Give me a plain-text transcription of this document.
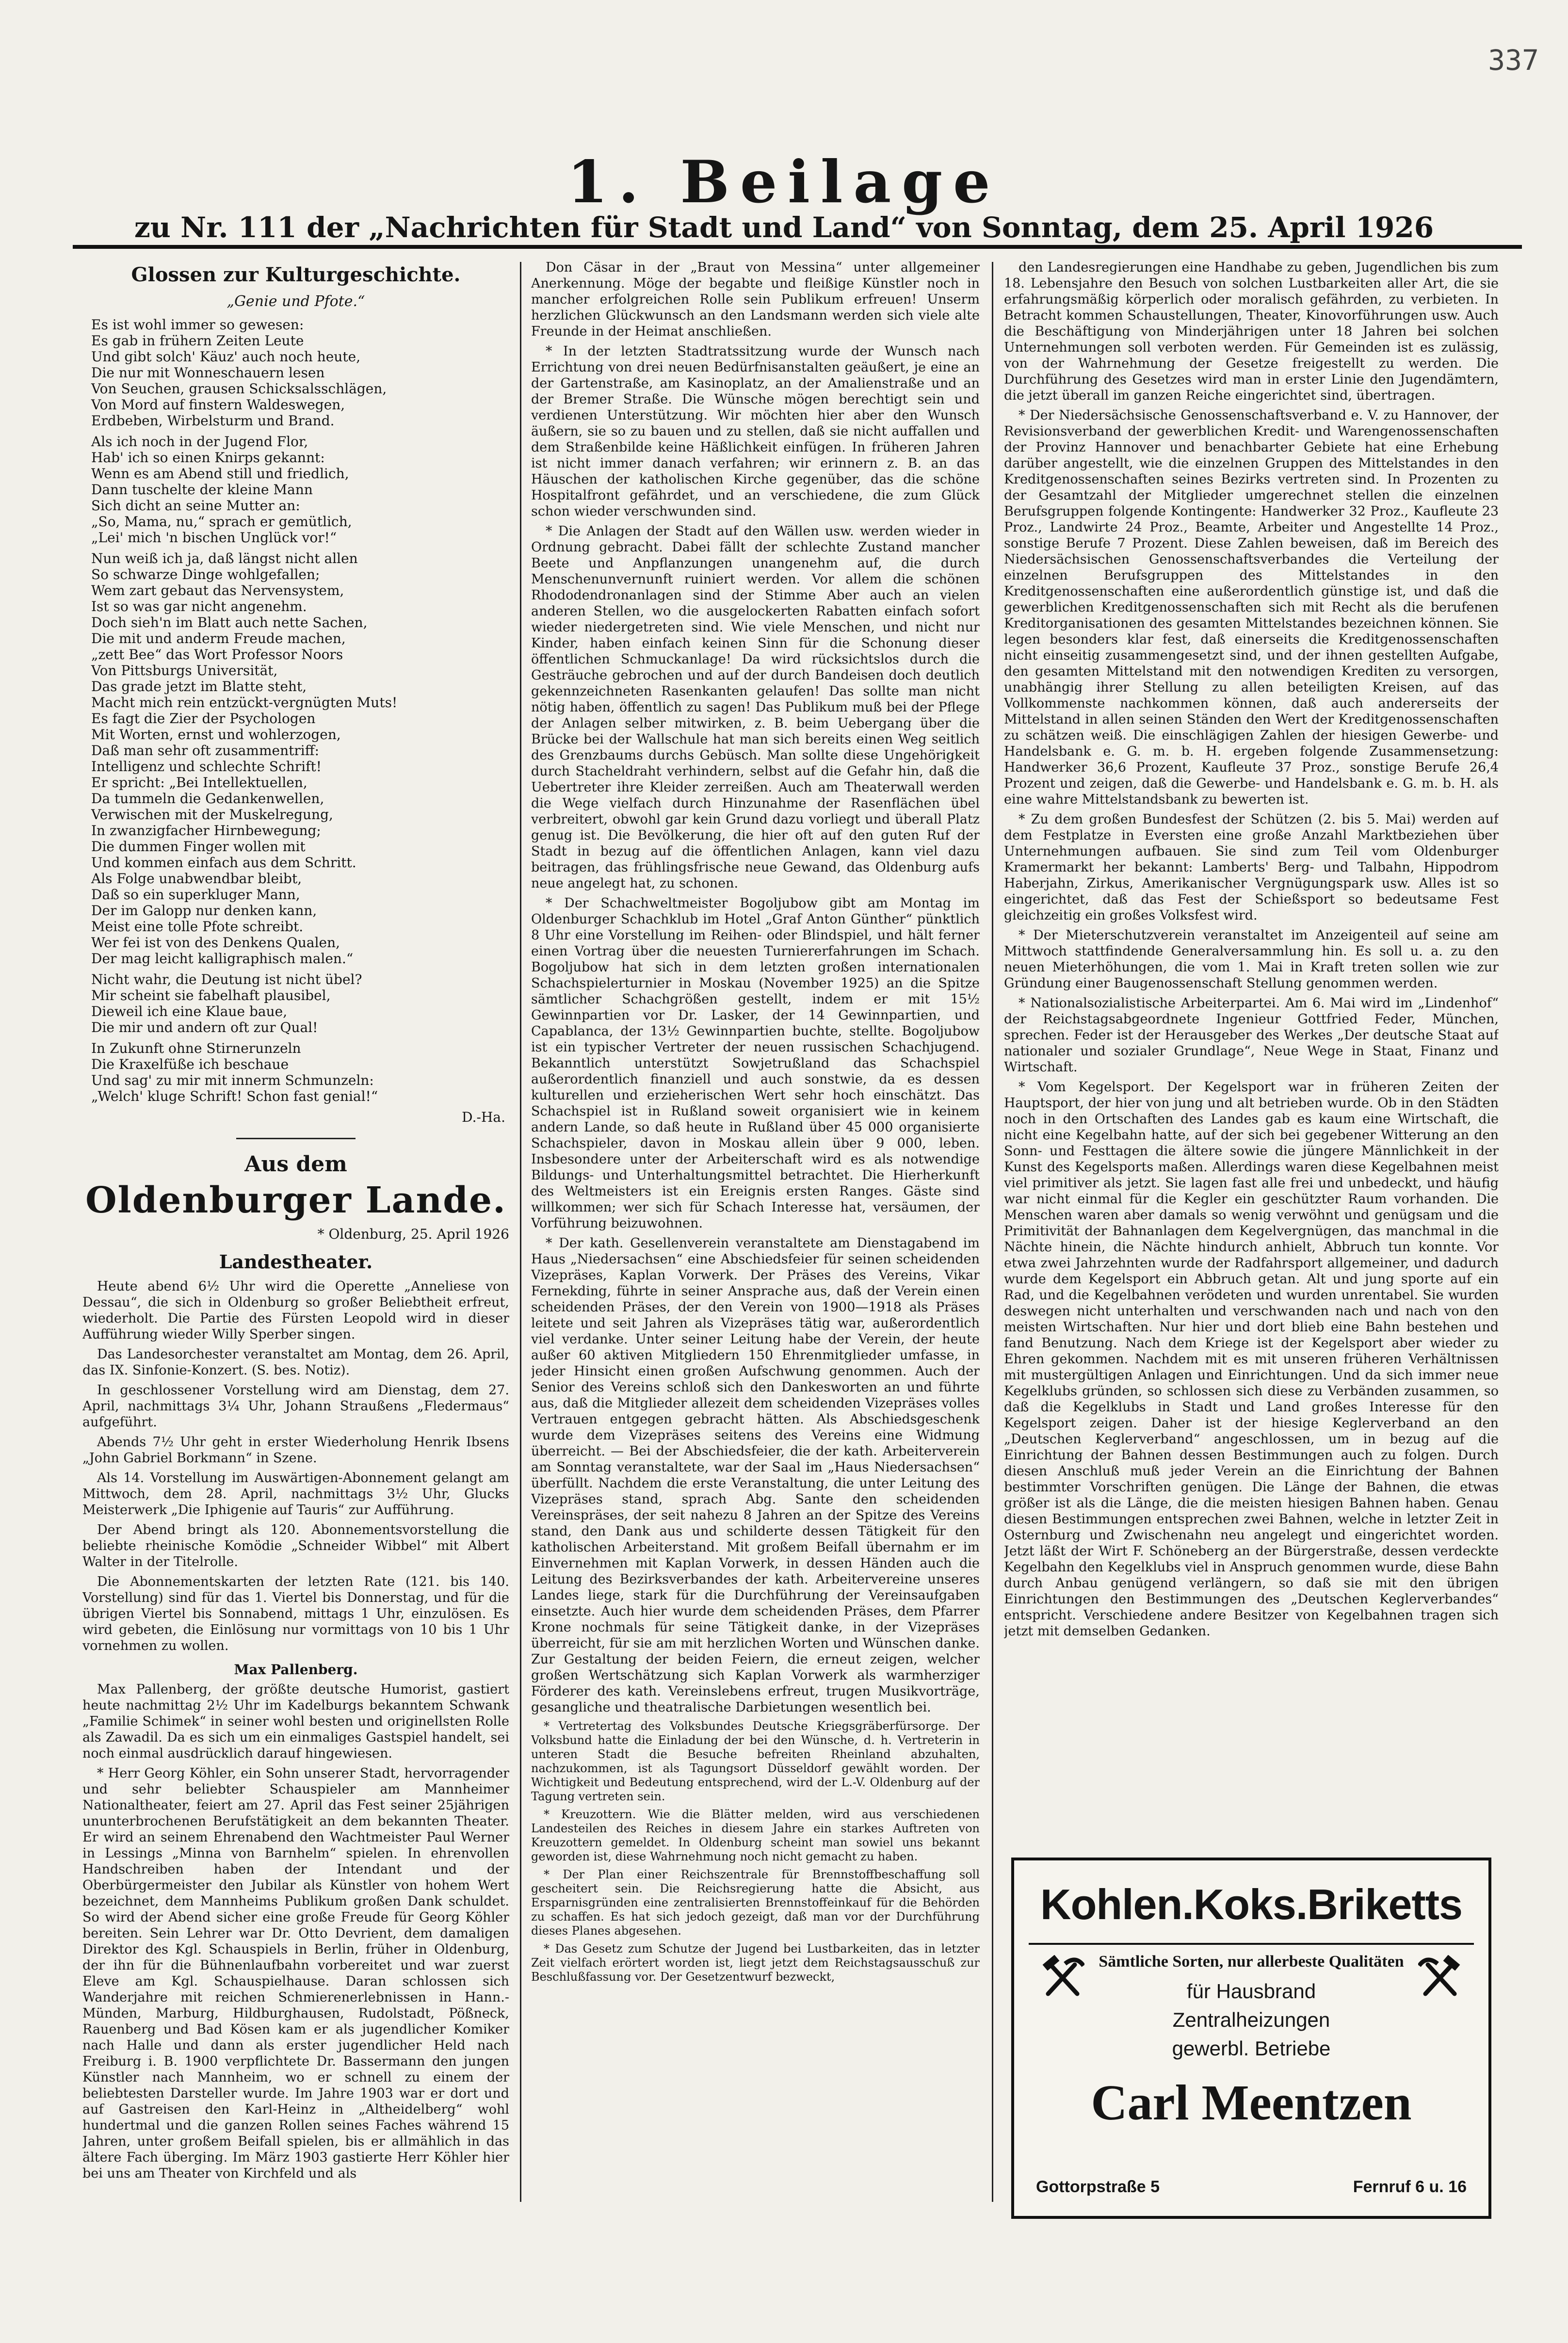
337
1. Beilage
zu Nr. 111 der „Nachrichten für Stadt und Land“ von Sonntag, dem 25. April 1926
Glossen zur Kulturgeschichte.
„Genie und Pfote.“
Es ist wohl immer so gewesen:
Es gab in frühern Zeiten Leute
Und gibt solch' Käuz' auch noch heute,
Die nur mit Wonneschauern lesen
Von Seuchen, grausen Schicksalsschlägen,
Von Mord auf finstern Waldeswegen,
Erdbeben, Wirbelsturm und Brand.
Als ich noch in der Jugend Flor,
Hab' ich so einen Knirps gekannt:
Wenn es am Abend still und friedlich,
Dann tuschelte der kleine Mann
Sich dicht an seine Mutter an:
„So, Mama, nu,“ sprach er gemütlich,
„Lei' mich 'n bischen Unglück vor!“
Nun weiß ich ja, daß längst nicht allen
So schwarze Dinge wohlgefallen;
Wem zart gebaut das Nervensystem,
Ist so was gar nicht angenehm.
Doch sieh'n im Blatt auch nette Sachen,
Die mit und anderm Freude machen,
„zett Bee“ das Wort Professor Noors
Von Pittsburgs Universität,
Das grade jetzt im Blatte steht,
Macht mich rein entzückt-vergnügten Muts!
Es fagt die Zier der Psychologen
Mit Worten, ernst und wohlerzogen,
Daß man sehr oft zusammentriff:
Intelligenz und schlechte Schrift!
Er spricht: „Bei Intellektuellen,
Da tummeln die Gedankenwellen,
Verwischen mit der Muskelregung,
In zwanzigfacher Hirnbewegung;
Die dummen Finger wollen mit
Und kommen einfach aus dem Schritt.
Als Folge unabwendbar bleibt,
Daß so ein superkluger Mann,
Der im Galopp nur denken kann,
Meist eine tolle Pfote schreibt.
Wer fei ist von des Denkens Qualen,
Der mag leicht kalligraphisch malen.“
Nicht wahr, die Deutung ist nicht übel?
Mir scheint sie fabelhaft plausibel,
Dieweil ich eine Klaue baue,
Die mir und andern oft zur Qual!
In Zukunft ohne Stirnerunzeln
Die Kraxelfüße ich beschaue
Und sag' zu mir mit innerm Schmunzeln:
„Welch' kluge Schrift! Schon fast genial!“
D.-Ha.
Aus dem
Oldenburger Lande.
* Oldenburg, 25. April 1926
Landestheater.

Heute abend 6½ Uhr wird die Operette „Anneliese von Dessau“, die sich in Oldenburg so großer Beliebtheit erfreut, wiederholt. Die Partie des Fürsten Leopold wird in dieser Aufführung wieder Willy Sperber singen.

Das Landesorchester veranstaltet am Montag, dem 26. April, das IX. Sinfonie-Konzert. (S. bes. Notiz).

In geschlossener Vorstellung wird am Dienstag, dem 27. April, nachmittags 3¼ Uhr, Johann Straußens „Fledermaus“ aufgeführt.

Abends 7½ Uhr geht in erster Wiederholung Henrik Ibsens „John Gabriel Borkmann“ in Szene.

Als 14. Vorstellung im Auswärtigen-Abonnement gelangt am Mittwoch, dem 28. April, nachmittags 3½ Uhr, Glucks Meisterwerk „Die Iphigenie auf Tauris“ zur Aufführung.

Der Abend bringt als 120. Abonnementsvorstellung die beliebte rheinische Komödie „Schneider Wibbel“ mit Albert Walter in der Titelrolle.

Die Abonnementskarten der letzten Rate (121. bis 140. Vorstellung) sind für das 1. Viertel bis Donnerstag, und für die übrigen Viertel bis Sonnabend, mittags 1 Uhr, einzulösen. Es wird gebeten, die Einlösung nur vormittags von 10 bis 1 Uhr vornehmen zu wollen.

Max Pallenberg.

Max Pallenberg, der größte deutsche Humorist, gastiert heute nachmittag 2½ Uhr im Kadelburgs bekanntem Schwank „Familie Schimek“ in seiner wohl besten und originellsten Rolle als Zawadil. Da es sich um ein einmaliges Gastspiel handelt, sei noch einmal ausdrücklich darauf hingewiesen.

* Herr Georg Köhler, ein Sohn unserer Stadt, hervorragender und sehr beliebter Schauspieler am Mannheimer Nationaltheater, feiert am 27. April das Fest seiner 25jährigen ununterbrochenen Berufstätigkeit an dem bekannten Theater. Er wird an seinem Ehrenabend den Wachtmeister Paul Werner in Lessings „Minna von Barnhelm“ spielen. In ehrenvollen Handschreiben haben der Intendant und der Oberbürgermeister den Jubilar als Künstler von hohem Wert bezeichnet, dem Mannheims Publikum großen Dank schuldet. So wird der Abend sicher eine große Freude für Georg Köhler bereiten. Sein Lehrer war Dr. Otto Devrient, dem damaligen Direktor des Kgl. Schauspiels in Berlin, früher in Oldenburg, der ihn für die Bühnenlaufbahn vorbereitet und war zuerst Eleve am Kgl. Schauspielhause. Daran schlossen sich Wanderjahre mit reichen Schmierenerlebnissen in Hann.-Münden, Marburg, Hildburghausen, Rudolstadt, Pößneck, Rauenberg und Bad Kösen kam er als jugendlicher Komiker nach Halle und dann als erster jugendlicher Held nach Freiburg i. B. 1900 verpflichtete Dr. Bassermann den jungen Künstler nach Mannheim, wo er schnell zu einem der beliebtesten Darsteller wurde. Im Jahre 1903 war er dort und auf Gastreisen den Karl-Heinz in „Altheidelberg“ wohl hundertmal und die ganzen Rollen seines Faches während 15 Jahren, unter großem Beifall spielen, bis er allmählich in das ältere Fach überging. Im März 1903 gastierte Herr Köhler hier bei uns am Theater von Kirchfeld und als

Don Cäsar in der „Braut von Messina“ unter allgemeiner Anerkennung. Möge der begabte und fleißige Künstler noch in mancher erfolgreichen Rolle sein Publikum erfreuen! Unserm herzlichen Glückwunsch an den Landsmann werden sich viele alte Freunde in der Heimat anschließen.

* In der letzten Stadtratssitzung wurde der Wunsch nach Errichtung von drei neuen Bedürfnisanstalten geäußert, je eine an der Gartenstraße, am Kasinoplatz, an der Amalienstraße und an der Bremer Straße. Die Wünsche mögen berechtigt sein und verdienen Unterstützung. Wir möchten hier aber den Wunsch äußern, sie so zu bauen und zu stellen, daß sie nicht auffallen und dem Straßenbilde keine Häßlichkeit einfügen. In früheren Jahren ist nicht immer danach verfahren; wir erinnern z. B. an das Häuschen der katholischen Kirche gegenüber, das die schöne Hospitalfront gefährdet, und an verschiedene, die zum Glück schon wieder verschwunden sind.

* Die Anlagen der Stadt auf den Wällen usw. werden wieder in Ordnung gebracht. Dabei fällt der schlechte Zustand mancher Beete und Anpflanzungen unangenehm auf, die durch Menschenunvernunft ruiniert werden. Vor allem die schönen Rhododendronanlagen sind der Stimme Aber auch an vielen anderen Stellen, wo die ausgelockerten Rabatten einfach sofort wieder niedergetreten sind. Wie viele Menschen, und nicht nur Kinder, haben einfach keinen Sinn für die Schonung dieser öffentlichen Schmuckanlage! Da wird rücksichtslos durch die Gesträuche gebrochen und auf der durch Bandeisen doch deutlich gekennzeichneten Rasenkanten gelaufen! Das sollte man nicht nötig haben, öffentlich zu sagen! Das Publikum muß bei der Pflege der Anlagen selber mitwirken, z. B. beim Uebergang über die Brücke bei der Wallschule hat man sich bereits einen Weg seitlich des Grenzbaums durchs Gebüsch. Man sollte diese Ungehörigkeit durch Stacheldraht verhindern, selbst auf die Gefahr hin, daß die Uebertreter ihre Kleider zerreißen. Auch am Theaterwall werden die Wege vielfach durch Hinzunahme der Rasenflächen übel verbreitert, obwohl gar kein Grund dazu vorliegt und überall Platz genug ist. Die Bevölkerung, die hier oft auf den guten Ruf der Stadt in bezug auf die öffentlichen Anlagen, kann viel dazu beitragen, das frühlingsfrische neue Gewand, das Oldenburg aufs neue angelegt hat, zu schonen.

* Der Schachweltmeister Bogoljubow gibt am Montag im Oldenburger Schachklub im Hotel „Graf Anton Günther“ pünktlich 8 Uhr eine Vorstellung im Reihen- oder Blindspiel, und hält ferner einen Vortrag über die neuesten Turniererfahrungen im Schach. Bogoljubow hat sich in dem letzten großen internationalen Schachspielerturnier in Moskau (November 1925) an die Spitze sämtlicher Schachgrößen gestellt, indem er mit 15½ Gewinnpartien vor Dr. Lasker, der 14 Gewinnpartien, und Capablanca, der 13½ Gewinnpartien buchte, stellte. Bogoljubow ist ein typischer Vertreter der neuen russischen Schachjugend. Bekanntlich unterstützt Sowjetrußland das Schachspiel außerordentlich finanziell und auch sonstwie, da es dessen kulturellen und erzieherischen Wert sehr hoch einschätzt. Das Schachspiel ist in Rußland soweit organisiert wie in keinem andern Lande, so daß heute in Rußland über 45 000 organisierte Schachspieler, davon in Moskau allein über 9 000, leben. Insbesondere unter der Arbeiterschaft wird es als notwendige Bildungs- und Unterhaltungsmittel betrachtet. Die Hierherkunft des Weltmeisters ist ein Ereignis ersten Ranges. Gäste sind willkommen; wer sich für Schach Interesse hat, versäumen, der Vorführung beizuwohnen.

* Der kath. Gesellenverein veranstaltete am Dienstagabend im Haus „Niedersachsen“ eine Abschiedsfeier für seinen scheidenden Vizepräses, Kaplan Vorwerk. Der Präses des Vereins, Vikar Fernekding, führte in seiner Ansprache aus, daß der Verein einen scheidenden Präses, der den Verein von 1900—1918 als Präses leitete und seit Jahren als Vizepräses tätig war, außerordentlich viel verdanke. Unter seiner Leitung habe der Verein, der heute außer 60 aktiven Mitgliedern 150 Ehrenmitglieder umfasse, in jeder Hinsicht einen großen Aufschwung genommen. Auch der Senior des Vereins schloß sich den Dankesworten an und führte aus, daß die Mitglieder allezeit dem scheidenden Vizepräses volles Vertrauen entgegen gebracht hätten. Als Abschiedsgeschenk wurde dem Vizepräses seitens des Vereins eine Widmung überreicht. — Bei der Abschiedsfeier, die der kath. Arbeiterverein am Sonntag veranstaltete, war der Saal im „Haus Niedersachsen“ überfüllt. Nachdem die erste Veranstaltung, die unter Leitung des Vizepräses stand, sprach Abg. Sante den scheidenden Vereinspräses, der seit nahezu 8 Jahren an der Spitze des Vereins stand, den Dank aus und schilderte dessen Tätigkeit für den katholischen Arbeiterstand. Mit großem Beifall übernahm er im Einvernehmen mit Kaplan Vorwerk, in dessen Händen auch die Leitung des Bezirksverbandes der kath. Arbeitervereine unseres Landes liege, stark für die Durchführung der Vereinsaufgaben einsetzte. Auch hier wurde dem scheidenden Präses, dem Pfarrer Krone nochmals für seine Tätigkeit danke, in der Vizepräses überreicht, für sie am mit herzlichen Worten und Wünschen danke. Zur Gestaltung der beiden Feiern, die erneut zeigen, welcher großen Wertschätzung sich Kaplan Vorwerk als warmherziger Förderer des kath. Vereinslebens erfreut, trugen Musikvorträge, gesangliche und theatralische Darbietungen wesentlich bei.

* Vertretertag des Volksbundes Deutsche Kriegsgräberfürsorge. Der Volksbund hatte die Einladung der bei den Wünsche, d. h. Vertreterin in unteren Stadt die Besuche befreiten Rheinland abzuhalten, nachzukommen, ist als Tagungsort Düsseldorf gewählt worden. Der Wichtigkeit und Bedeutung entsprechend, wird der L.-V. Oldenburg auf der Tagung vertreten sein.

* Kreuzottern. Wie die Blätter melden, wird aus verschiedenen Landesteilen des Reiches in diesem Jahre ein starkes Auftreten von Kreuzottern gemeldet. In Oldenburg scheint man sowiel uns bekannt geworden ist, diese Wahrnehmung noch nicht gemacht zu haben.

* Der Plan einer Reichszentrale für Brennstoffbeschaffung soll gescheitert sein. Die Reichsregierung hatte die Absicht, aus Ersparnisgründen eine zentralisierten Brennstoffeinkauf für die Behörden zu schaffen. Es hat sich jedoch gezeigt, daß man vor der Durchführung dieses Planes abgesehen.

* Das Gesetz zum Schutze der Jugend bei Lustbarkeiten, das in letzter Zeit vielfach erörtert worden ist, liegt jetzt dem Reichstagsausschuß zur Beschlußfassung vor. Der Gesetzentwurf bezweckt,

den Landesregierungen eine Handhabe zu geben, Jugendlichen bis zum 18. Lebensjahre den Besuch von solchen Lustbarkeiten aller Art, die sie erfahrungsmäßig körperlich oder moralisch gefährden, zu verbieten. In Betracht kommen Schaustellungen, Theater, Kinovorführungen usw. Auch die Beschäftigung von Minderjährigen unter 18 Jahren bei solchen Unternehmungen soll verboten werden. Für Gemeinden ist es zulässig, von der Wahrnehmung der Gesetze freigestellt zu werden. Die Durchführung des Gesetzes wird man in erster Linie den Jugendämtern, die jetzt überall im ganzen Reiche eingerichtet sind, übertragen.

* Der Niedersächsische Genossenschaftsverband e. V. zu Hannover, der Revisionsverband der gewerblichen Kredit- und Warengenossenschaften der Provinz Hannover und benachbarter Gebiete hat eine Erhebung darüber angestellt, wie die einzelnen Gruppen des Mittelstandes in den Kreditgenossenschaften seines Bezirks vertreten sind. In Prozenten zu der Gesamtzahl der Mitglieder umgerechnet stellen die einzelnen Berufsgruppen folgende Kontingente: Handwerker 32 Proz., Kaufleute 23 Proz., Landwirte 24 Proz., Beamte, Arbeiter und Angestellte 14 Proz., sonstige Berufe 7 Prozent. Diese Zahlen beweisen, daß im Bereich des Niedersächsischen Genossenschaftsverbandes die Verteilung der einzelnen Berufsgruppen des Mittelstandes in den Kreditgenossenschaften eine außerordentlich günstige ist, und daß die gewerblichen Kreditgenossenschaften sich mit Recht als die berufenen Kreditorganisationen des gesamten Mittelstandes bezeichnen können. Sie legen besonders klar fest, daß einerseits die Kreditgenossenschaften nicht einseitig zusammengesetzt sind, und der ihnen gestellten Aufgabe, den gesamten Mittelstand mit den notwendigen Krediten zu versorgen, unabhängig ihrer Stellung zu allen beteiligten Kreisen, auf das Vollkommenste nachkommen können, daß auch andererseits der Mittelstand in allen seinen Ständen den Wert der Kreditgenossenschaften zu schätzen weiß. Die einschlägigen Zahlen der hiesigen Gewerbe- und Handelsbank e. G. m. b. H. ergeben folgende Zusammensetzung: Handwerker 36,6 Prozent, Kaufleute 37 Proz., sonstige Berufe 26,4 Prozent und zeigen, daß die Gewerbe- und Handelsbank e. G. m. b. H. als eine wahre Mittelstandsbank zu bewerten ist.

* Zu dem großen Bundesfest der Schützen (2. bis 5. Mai) werden auf dem Festplatze in Eversten eine große Anzahl Marktbeziehen über Unternehmungen aufbauen. Sie sind zum Teil vom Oldenburger Kramermarkt her bekannt: Lamberts' Berg- und Talbahn, Hippodrom Haberjahn, Zirkus, Amerikanischer Vergnügungspark usw. Alles ist so eingerichtet, daß das Fest der Schießsport so bedeutsame Fest gleichzeitig ein großes Volksfest wird.

* Der Mieterschutzverein veranstaltet im Anzeigenteil auf seine am Mittwoch stattfindende Generalversammlung hin. Es soll u. a. zu den neuen Mieterhöhungen, die vom 1. Mai in Kraft treten sollen wie zur Gründung einer Baugenossenschaft Stellung genommen werden.

* Nationalsozialistische Arbeiterpartei. Am 6. Mai wird im „Lindenhof“ der Reichstagsabgeordnete Ingenieur Gottfried Feder, München, sprechen. Feder ist der Herausgeber des Werkes „Der deutsche Staat auf nationaler und sozialer Grundlage“, Neue Wege in Staat, Finanz und Wirtschaft.

* Vom Kegelsport. Der Kegelsport war in früheren Zeiten der Hauptsport, der hier von jung und alt betrieben wurde. Ob in den Städten noch in den Ortschaften des Landes gab es kaum eine Wirtschaft, die nicht eine Kegelbahn hatte, auf der sich bei gegebener Witterung an den Sonn- und Festtagen die ältere sowie die jüngere Männlichkeit in der Kunst des Kegelsports maßen. Allerdings waren diese Kegelbahnen meist viel primitiver als jetzt. Sie lagen fast alle frei und unbedeckt, und häufig war nicht einmal für die Kegler ein geschützter Raum vorhanden. Die Menschen waren aber damals so wenig verwöhnt und genügsam und die Primitivität der Bahnanlagen dem Kegelvergnügen, das manchmal in die Nächte hinein, die Nächte hindurch anhielt, Abbruch tun konnte. Vor etwa zwei Jahrzehnten wurde der Radfahrsport allgemeiner, und dadurch wurde dem Kegelsport ein Abbruch getan. Alt und jung sporte auf ein Rad, und die Kegelbahnen verödeten und wurden unrentabel. Sie wurden deswegen nicht unterhalten und verschwanden nach und nach von den meisten Wirtschaften. Nur hier und dort blieb eine Bahn bestehen und fand Benutzung. Nach dem Kriege ist der Kegelsport aber wieder zu Ehren gekommen. Nachdem mit es mit unseren früheren Verhältnissen mit mustergültigen Anlagen und Einrichtungen. Und da sich immer neue Kegelklubs gründen, so schlossen sich diese zu Verbänden zusammen, so daß die Kegelklubs in Stadt und Land großes Interesse für den Kegelsport zeigen. Daher ist der hiesige Keglerverband an den „Deutschen Keglerverband“ angeschlossen, um in bezug auf die Einrichtung der Bahnen dessen Bestimmungen auch zu folgen. Durch diesen Anschluß muß jeder Verein an die Einrichtung der Bahnen bestimmter Vorschriften genügen. Die Länge der Bahnen, die etwas größer ist als die Länge, die die meisten hiesigen Bahnen haben. Genau diesen Bestimmungen entsprechen zwei Bahnen, welche in letzter Zeit in Osternburg und Zwischenahn neu angelegt und eingerichtet worden. Jetzt läßt der Wirt F. Schöneberg an der Bürgerstraße, dessen verdeckte Kegelbahn den Kegelklubs viel in Anspruch genommen wurde, diese Bahn durch Anbau genügend verlängern, so daß sie mit den übrigen Einrichtungen den Bestimmungen des „Deutschen Keglerverbandes“ entspricht. Verschiedene andere Besitzer von Kegelbahnen tragen sich jetzt mit demselben Gedanken.

Kohlen.Koks.Briketts
Sämtliche Sorten, nur allerbeste Qualitäten
für Hausbrand
Zentralheizungen
gewerbl. Betriebe
Carl Meentzen
Gottorpstraße 5	Fernruf 6 u. 16
